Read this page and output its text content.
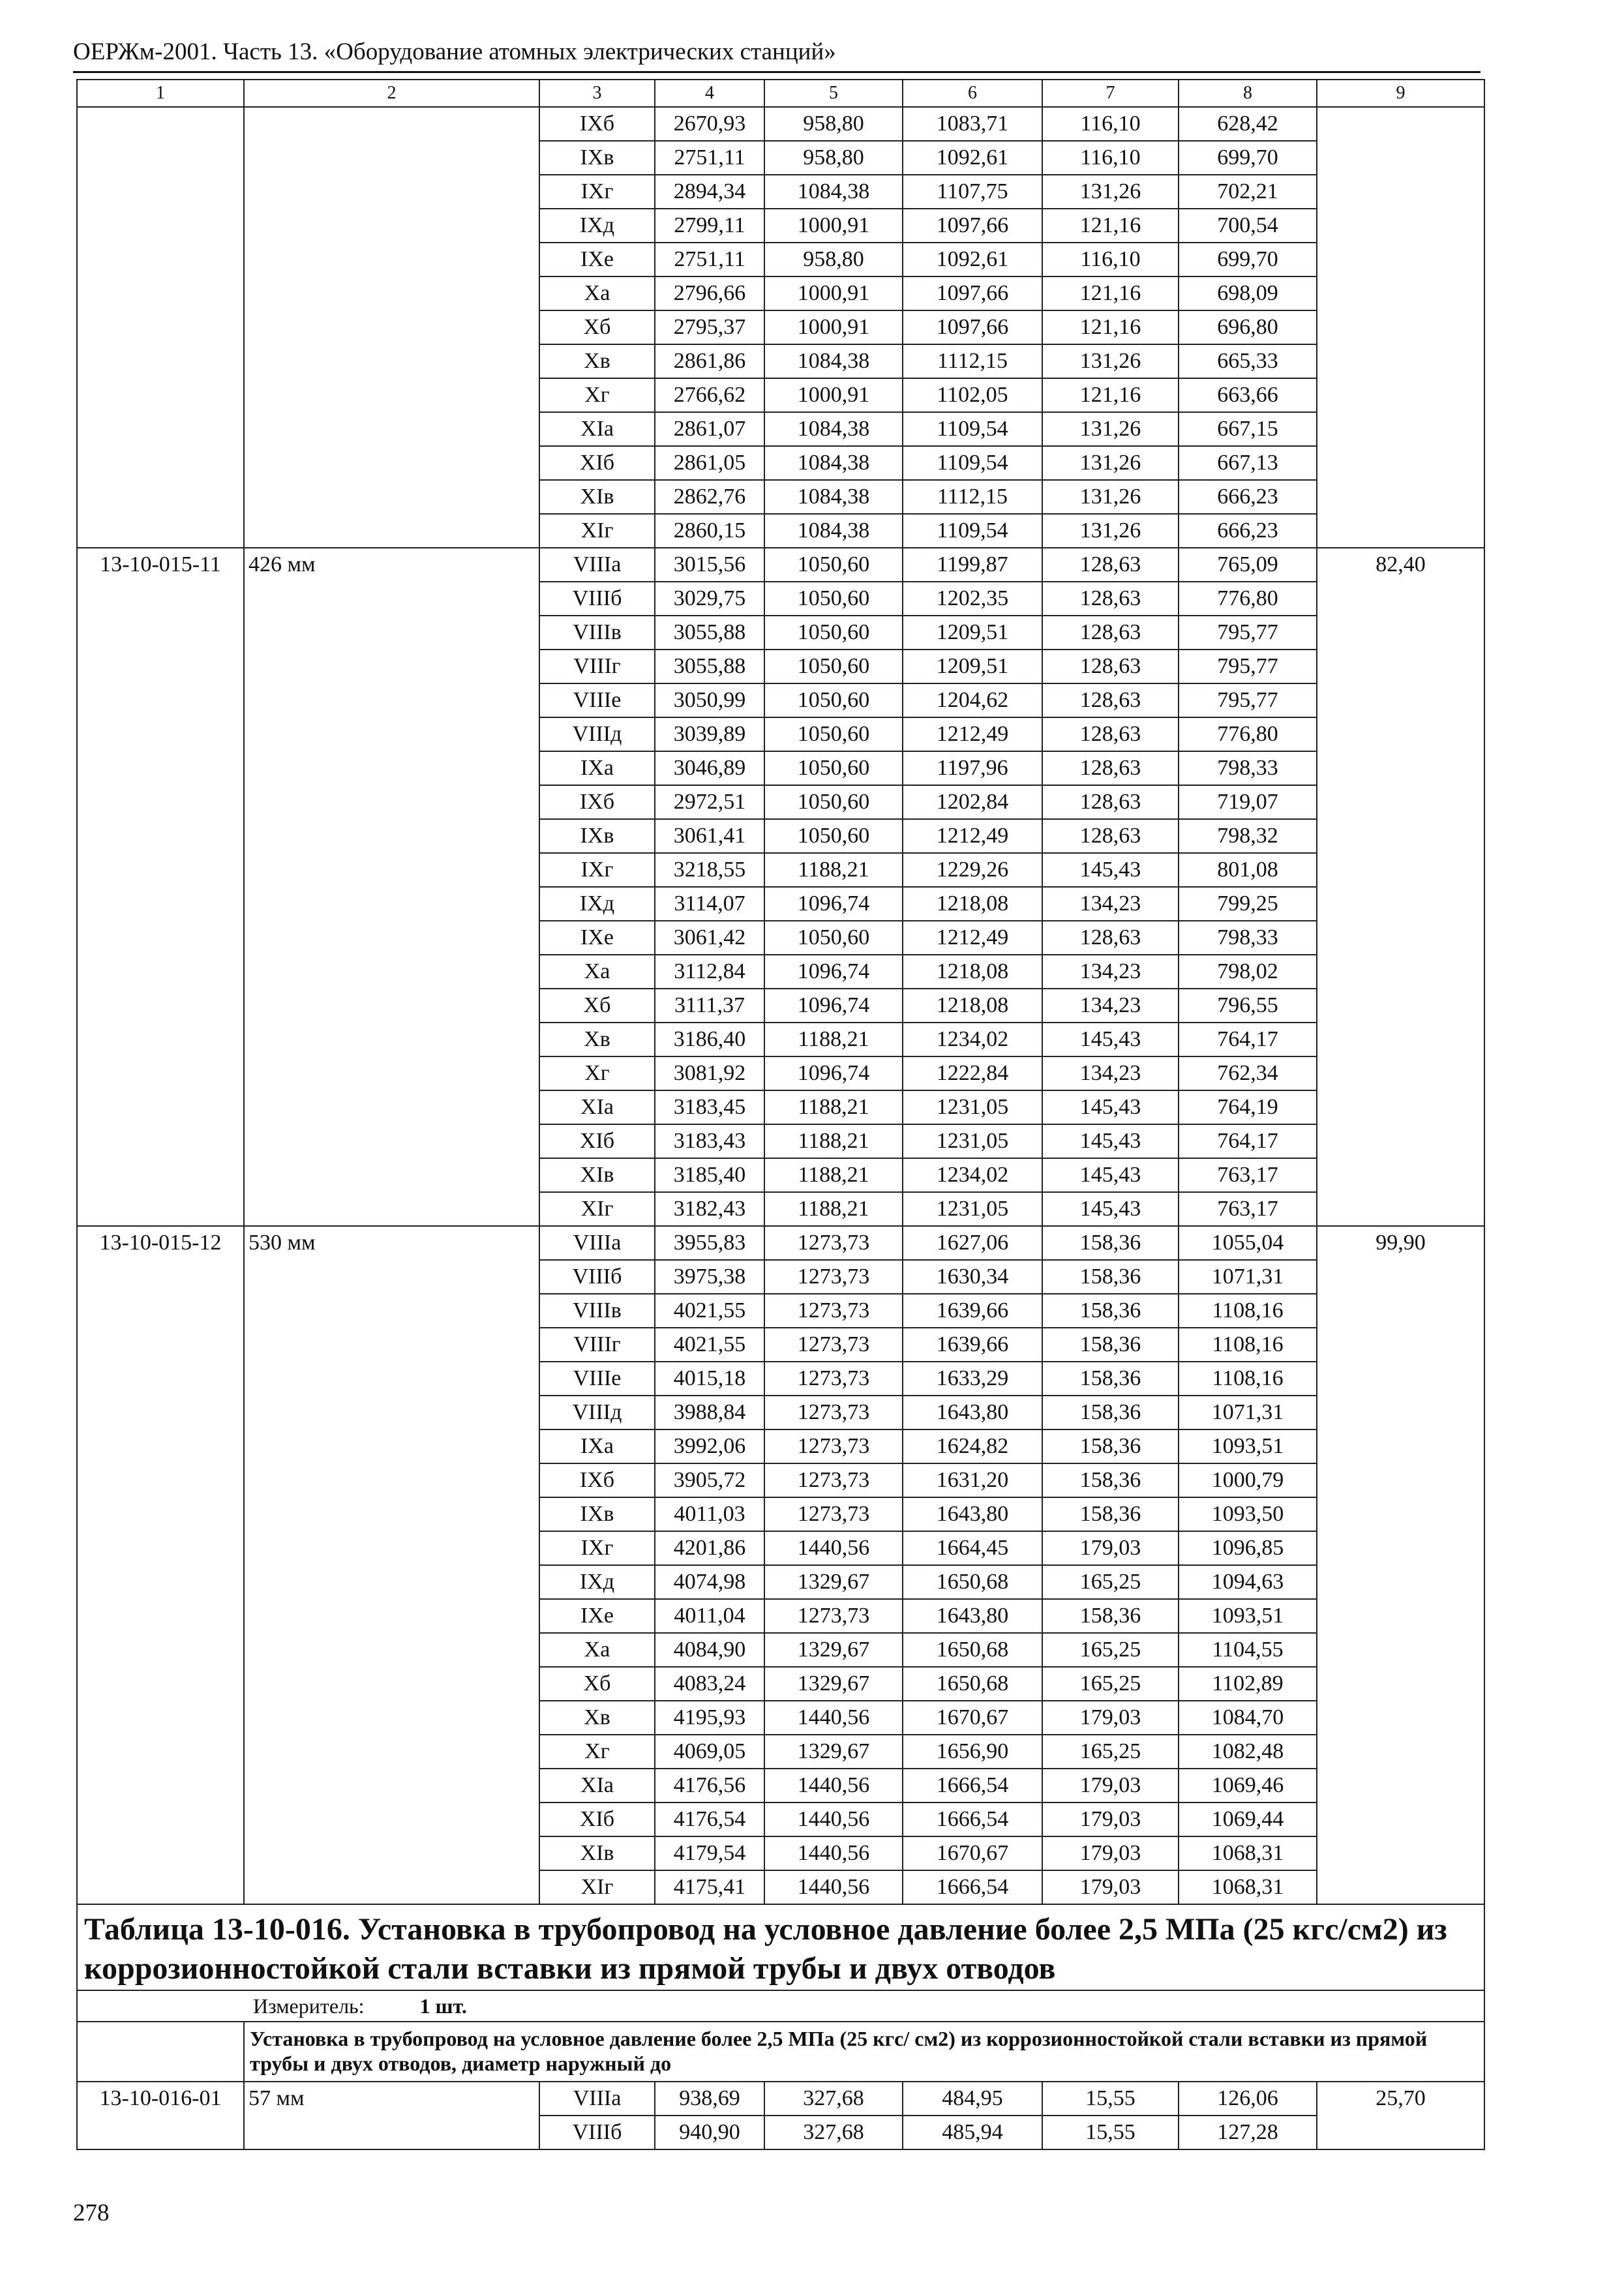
ОЕРЖм-2001. Часть 13. «Оборудование атомных электрических станций»
1	2	3	4	5	6	7	8	9
		IXб	2670,93	958,80	1083,71	116,10	628,42	
		IXв	2751,11	958,80	1092,61	116,10	699,70	
		IXг	2894,34	1084,38	1107,75	131,26	702,21	
		IXд	2799,11	1000,91	1097,66	121,16	700,54	
		IXе	2751,11	958,80	1092,61	116,10	699,70	
		Xа	2796,66	1000,91	1097,66	121,16	698,09	
		Xб	2795,37	1000,91	1097,66	121,16	696,80	
		Xв	2861,86	1084,38	1112,15	131,26	665,33	
		Xг	2766,62	1000,91	1102,05	121,16	663,66	
		XIа	2861,07	1084,38	1109,54	131,26	667,15	
		XIб	2861,05	1084,38	1109,54	131,26	667,13	
		XIв	2862,76	1084,38	1112,15	131,26	666,23	
		XIг	2860,15	1084,38	1109,54	131,26	666,23	
13-10-015-11	426 мм	VIIIа	3015,56	1050,60	1199,87	128,63	765,09	82,40
		VIIIб	3029,75	1050,60	1202,35	128,63	776,80	
		VIIIв	3055,88	1050,60	1209,51	128,63	795,77	
		VIIIг	3055,88	1050,60	1209,51	128,63	795,77	
		VIIIе	3050,99	1050,60	1204,62	128,63	795,77	
		VIIIд	3039,89	1050,60	1212,49	128,63	776,80	
		IXа	3046,89	1050,60	1197,96	128,63	798,33	
		IXб	2972,51	1050,60	1202,84	128,63	719,07	
		IXв	3061,41	1050,60	1212,49	128,63	798,32	
		IXг	3218,55	1188,21	1229,26	145,43	801,08	
		IXд	3114,07	1096,74	1218,08	134,23	799,25	
		IXе	3061,42	1050,60	1212,49	128,63	798,33	
		Xа	3112,84	1096,74	1218,08	134,23	798,02	
		Xб	3111,37	1096,74	1218,08	134,23	796,55	
		Xв	3186,40	1188,21	1234,02	145,43	764,17	
		Xг	3081,92	1096,74	1222,84	134,23	762,34	
		XIа	3183,45	1188,21	1231,05	145,43	764,19	
		XIб	3183,43	1188,21	1231,05	145,43	764,17	
		XIв	3185,40	1188,21	1234,02	145,43	763,17	
		XIг	3182,43	1188,21	1231,05	145,43	763,17	
13-10-015-12	530 мм	VIIIа	3955,83	1273,73	1627,06	158,36	1055,04	99,90
		VIIIб	3975,38	1273,73	1630,34	158,36	1071,31	
		VIIIв	4021,55	1273,73	1639,66	158,36	1108,16	
		VIIIг	4021,55	1273,73	1639,66	158,36	1108,16	
		VIIIе	4015,18	1273,73	1633,29	158,36	1108,16	
		VIIIд	3988,84	1273,73	1643,80	158,36	1071,31	
		IXа	3992,06	1273,73	1624,82	158,36	1093,51	
		IXб	3905,72	1273,73	1631,20	158,36	1000,79	
		IXв	4011,03	1273,73	1643,80	158,36	1093,50	
		IXг	4201,86	1440,56	1664,45	179,03	1096,85	
		IXд	4074,98	1329,67	1650,68	165,25	1094,63	
		IXе	4011,04	1273,73	1643,80	158,36	1093,51	
		Xа	4084,90	1329,67	1650,68	165,25	1104,55	
		Xб	4083,24	1329,67	1650,68	165,25	1102,89	
		Xв	4195,93	1440,56	1670,67	179,03	1084,70	
		Xг	4069,05	1329,67	1656,90	165,25	1082,48	
		XIа	4176,56	1440,56	1666,54	179,03	1069,46	
		XIб	4176,54	1440,56	1666,54	179,03	1069,44	
		XIв	4179,54	1440,56	1670,67	179,03	1068,31	
		XIг	4175,41	1440,56	1666,54	179,03	1068,31	
Таблица 13-10-016. Установка в трубопровод на условное давление более 2,5 МПа (25 кгс/см2) из коррозионностойкой стали вставки из прямой трубы и двух отводов								
Измеритель: 1 шт.								
	Установка в трубопровод на условное давление более 2,5 МПа (25 кгс/ см2) из коррозионностойкой стали вставки из прямой трубы и двух отводов, диаметр наружный до							
13-10-016-01	57 мм	VIIIа	938,69	327,68	484,95	15,55	126,06	25,70
		VIIIб	940,90	327,68	485,94	15,55	127,28	
278
